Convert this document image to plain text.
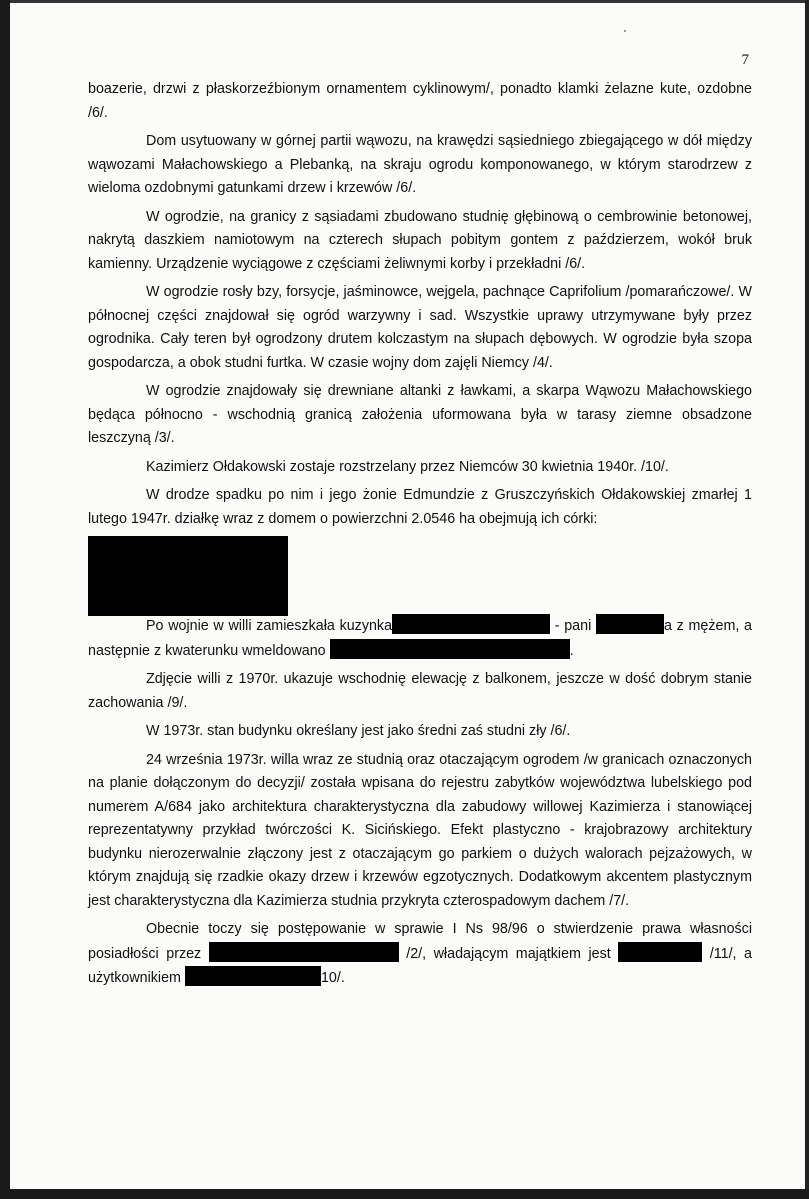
7

boazerie, drzwi z płaskorzeźbionym ornamentem cyklinowym/, ponadto klamki żelazne kute, ozdobne /6/.

Dom usytuowany w górnej partii wąwozu, na krawędzi sąsiedniego zbiegającego w dół między wąwozami Małachowskiego a Plebanką, na skraju ogrodu komponowanego, w którym starodrzew z wieloma ozdobnymi gatunkami drzew i krzewów /6/.

W ogrodzie, na granicy z sąsiadami zbudowano studnię głębinową o cembrowinie betonowej, nakrytą daszkiem namiotowym na czterech słupach pobitym gontem z paździerzem, wokół bruk kamienny. Urządzenie wyciągowe z częściami żeliwnymi korby i przekładni /6/.

W ogrodzie rosły bzy, forsycje, jaśminowce, wejgela, pachnące Caprifolium /pomarańczowe/. W północnej części znajdował się ogród warzywny i sad. Wszystkie uprawy utrzymywane były przez ogrodnika. Cały teren był ogrodzony drutem kolczastym na słupach dębowych. W ogrodzie była szopa gospodarcza, a obok studni furtka. W czasie wojny dom zajęli Niemcy /4/.

W ogrodzie znajdowały się drewniane altanki z ławkami, a skarpa Wąwozu Małachowskiego będąca północno - wschodnią granicą założenia uformowana była w tarasy ziemne obsadzone leszczyną /3/.

Kazimierz Ołdakowski zostaje rozstrzelany przez Niemców 30 kwietnia 1940r. /10/.

W drodze spadku po nim i jego żonie Edmundzie z Gruszczyńskich Ołdakowskiej zmarłej 1 lutego 1947r. działkę wraz z domem o powierzchni 2.0546 ha obejmują ich córki:

Po wojnie w willi zamieszkała kuzynka	- pani	a z mężem, a następnie z kwaterunku wmeldowano	.

Zdjęcie willi z 1970r. ukazuje wschodnię elewację z balkonem, jeszcze w dość dobrym stanie zachowania /9/.

W 1973r. stan budynku określany jest jako średni zaś studni zły /6/.

24 września 1973r. willa wraz ze studnią oraz otaczającym ogrodem /w granicach oznaczonych na planie dołączonym do decyzji/ została wpisana do rejestru zabytków województwa lubelskiego pod numerem A/684 jako architektura charakterystyczna dla zabudowy willowej Kazimierza i stanowiącej reprezentatywny przykład twórczości K. Sicińskiego. Efekt plastyczno - krajobrazowy architektury budynku nierozerwalnie złączony jest z otaczającym go parkiem o dużych walorach pejzażowych, w którym znajdują się rzadkie okazy drzew i krzewów egzotycznych. Dodatkowym akcentem plastycznym jest charakterystyczna dla Kazimierza studnia przykryta czterospadowym dachem /7/.

Obecnie toczy się postępowanie w sprawie I Ns 98/96 o stwierdzenie prawa własności posiadłości przez	/2/, władającym majątkiem jest	/11/, a użytkownikiem	10/.
